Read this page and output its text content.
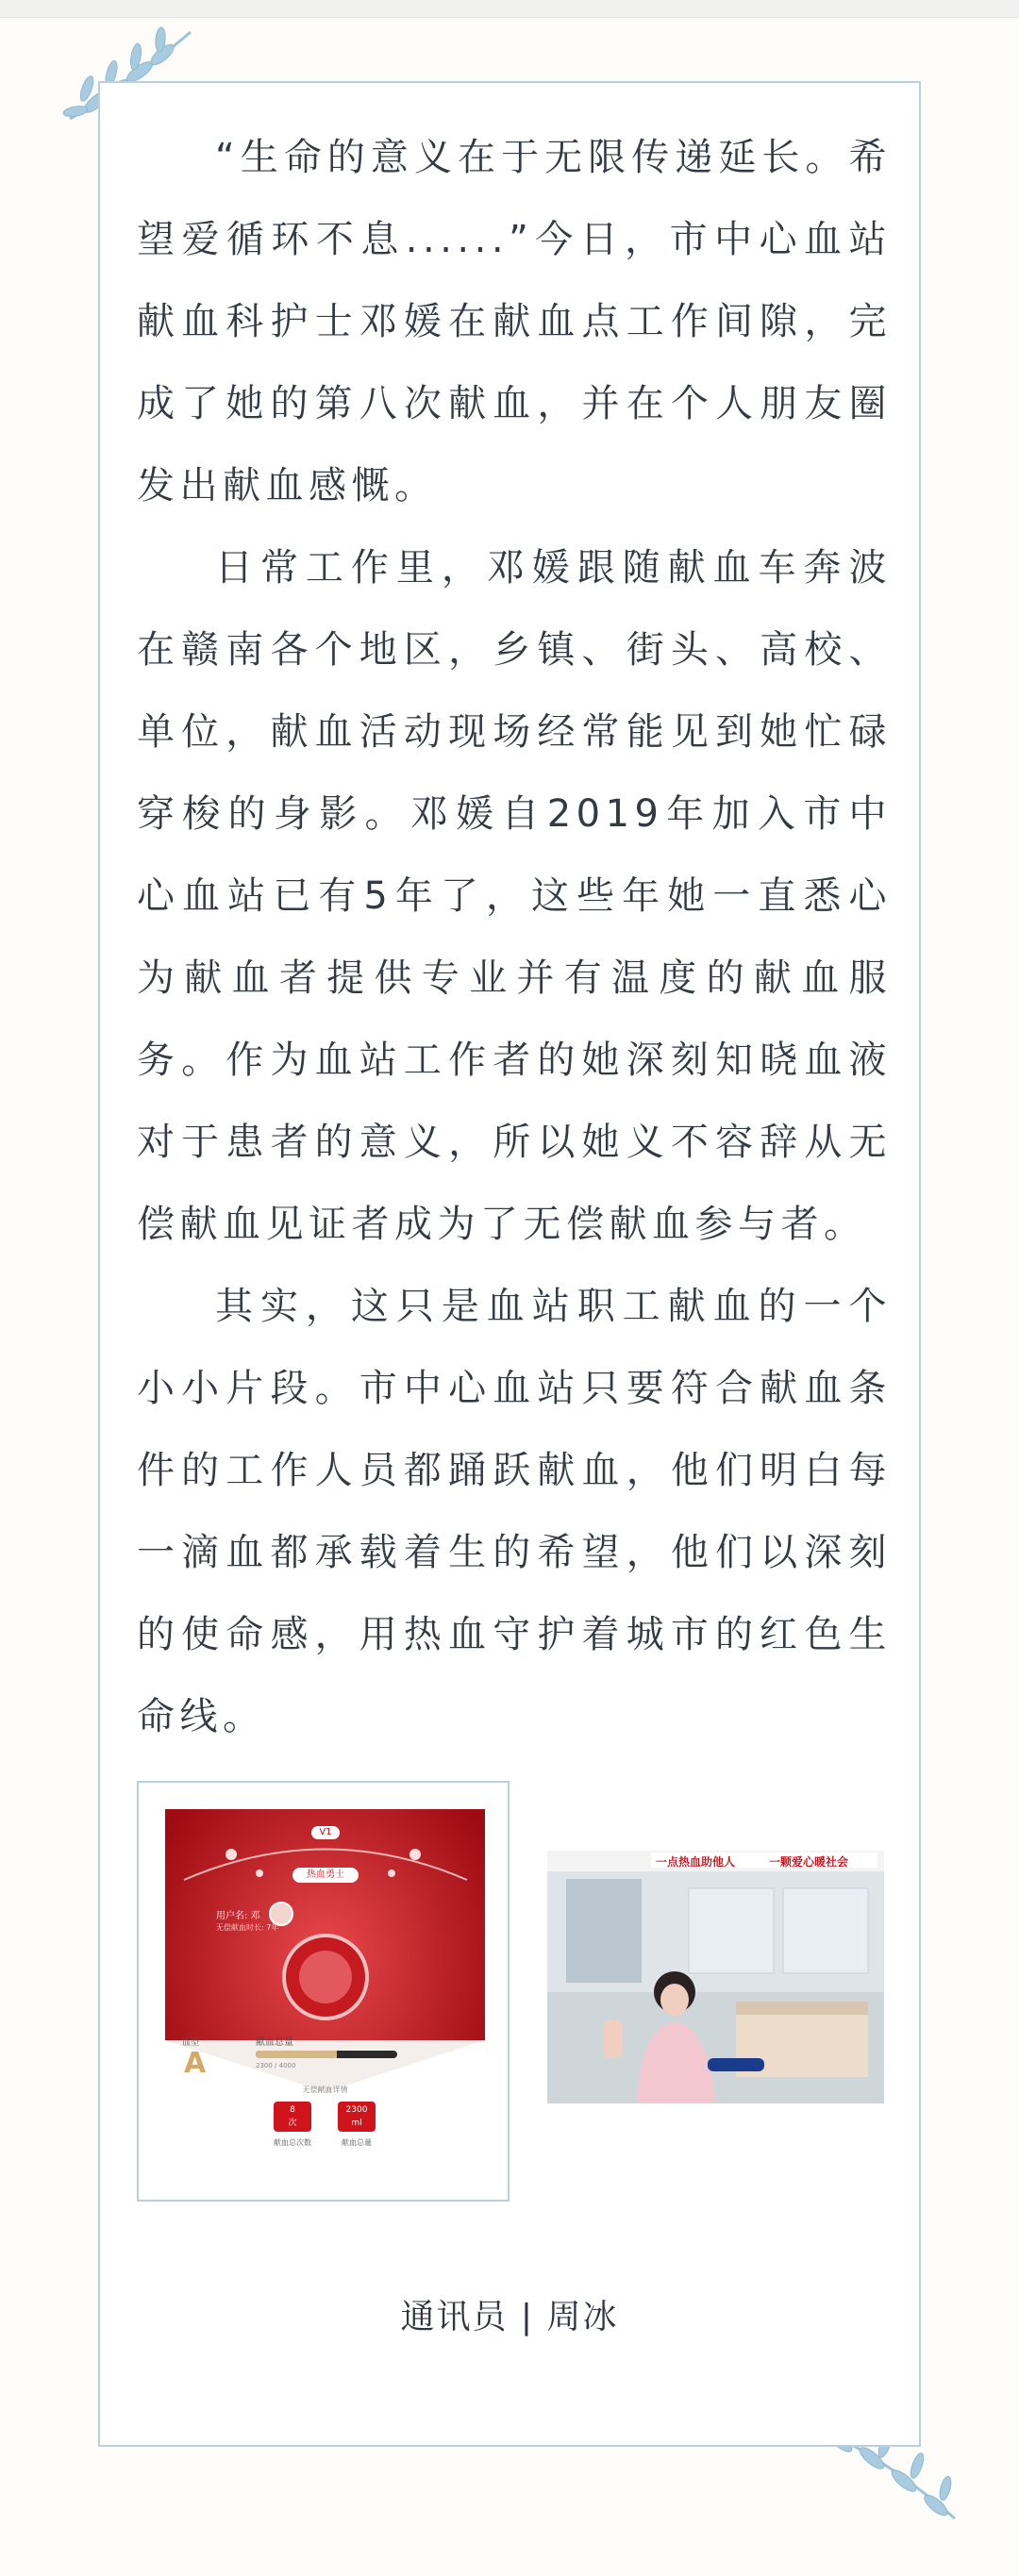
“生命的意义在于无限传递延长。希望爱循环不息......”今日，市中心血站献血科护士邓媛在献血点工作间隙，完成了她的第八次献血，并在个人朋友圈发出献血感慨。

日常工作里，邓媛跟随献血车奔波在赣南各个地区，乡镇、街头、高校、单位，献血活动现场经常能见到她忙碌穿梭的身影。邓媛自2019年加入市中心血站已有5年了，这些年她一直悉心为献血者提供专业并有温度的献血服务。作为血站工作者的她深刻知晓血液对于患者的意义，所以她义不容辞从无偿献血见证者成为了无偿献血参与者。

其实，这只是血站职工献血的一个小小片段。市中心血站只要符合献血条件的工作人员都踊跃献血，他们明白每一滴血都承载着生的希望，他们以深刻的使命感，用热血守护着城市的红色生命线。

V1
热血勇士
用户名: 邓
无偿献血时长: 7年
血型
A
献血总量
2300 / 4000
无偿献血详情
8
次
2300
ml
献血总次数	献血总量
一点热血助他人	一颗爱心暖社会
通讯员 | 周冰
